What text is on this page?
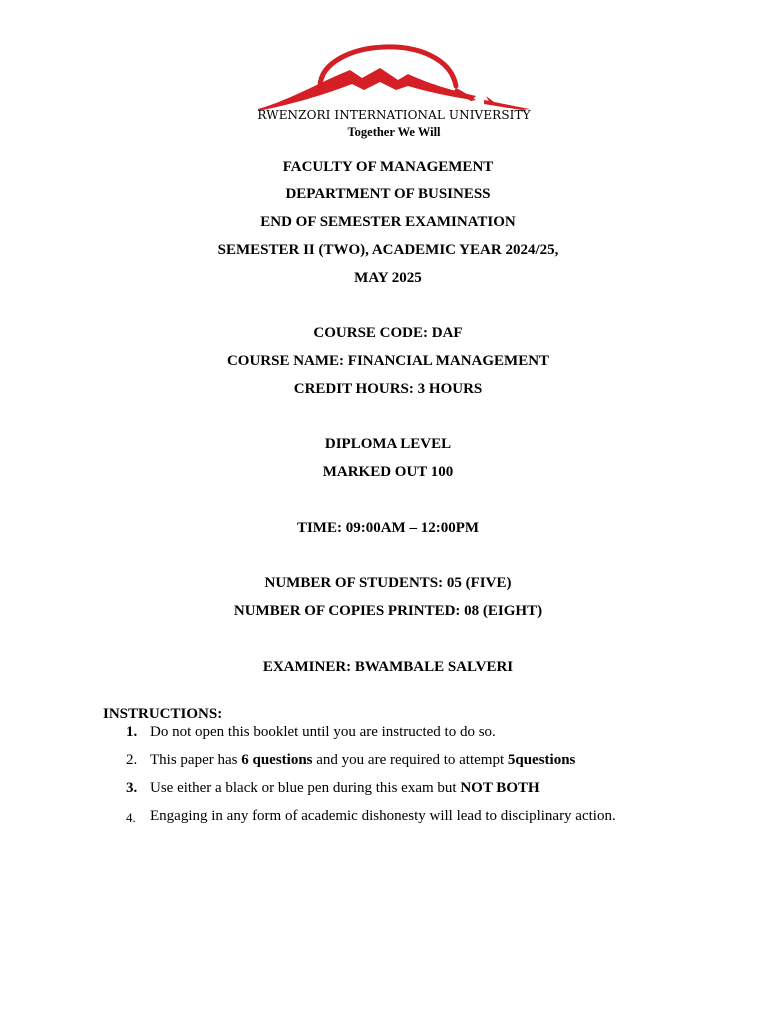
RWENZORI INTERNATIONAL UNIVERSITY
Together We Will
FACULTY OF MANAGEMENT
DEPARTMENT OF BUSINESS
END OF SEMESTER EXAMINATION
SEMESTER II (TWO), ACADEMIC YEAR 2024/25,
MAY 2025
COURSE CODE: DAF
COURSE NAME: FINANCIAL MANAGEMENT
CREDIT HOURS: 3 HOURS
DIPLOMA LEVEL
MARKED OUT 100
TIME: 09:00AM – 12:00PM
NUMBER OF STUDENTS: 05 (FIVE)
NUMBER OF COPIES PRINTED: 08 (EIGHT)
EXAMINER: BWAMBALE SALVERI
INSTRUCTIONS:
1. Do not open this booklet until you are instructed to do so.
2. This paper has 6 questions and you are required to attempt 5questions
3. Use either a black or blue pen during this exam but NOT BOTH
4. Engaging in any form of academic dishonesty will lead to disciplinary action.
